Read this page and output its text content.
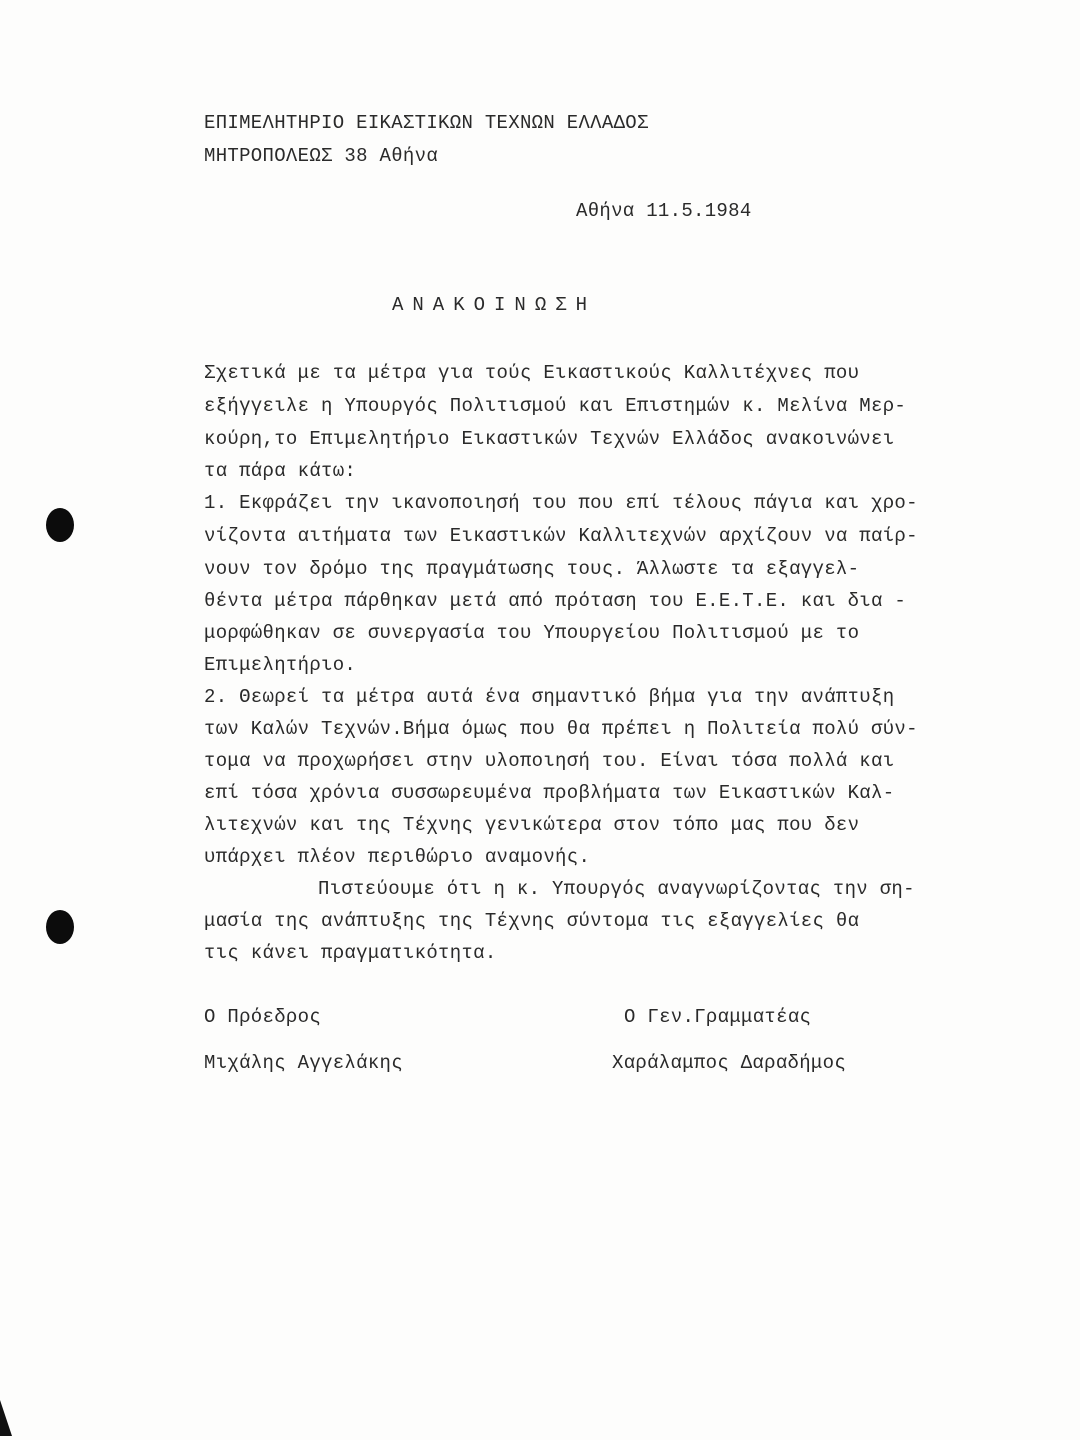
ΕΠΙΜΕΛΗΤΗΡΙΟ ΕΙΚΑΣΤΙΚΩΝ ΤΕΧΝΩΝ ΕΛΛΑΔΟΣ
ΜΗΤΡΟΠΟΛΕΩΣ 38 Αθήνα
Αθήνα 11.5.1984
ΑΝΑΚΟΙΝΩΣΗ
Σχετικά με τα μέτρα για τούς Εικαστικούς Καλλιτέχνες που
εξήγγειλε η Υπουργός Πολιτισμού και Επιστημών κ. Μελίνα Μερ-
κούρη,το Επιμελητήριο Εικαστικών Τεχνών Ελλάδος ανακοινώνει
τα πάρα κάτω:
1. Εκφράζει την ικανοποιησή του που επί τέλους πάγια και χρο-
νίζοντα αιτήματα των Εικαστικών Καλλιτεχνών αρχίζουν να παίρ-
νουν τον δρόμο της πραγμάτωσης τους. Άλλωστε τα εξαγγελ-
θέντα μέτρα πάρθηκαν μετά από πρόταση του Ε.Ε.Τ.Ε. και δια -
μορφώθηκαν σε συνεργασία του Υπουργείου Πολιτισμού με το
Επιμελητήριο.
2. Θεωρεί τα μέτρα αυτά ένα σημαντικό βήμα για την ανάπτυξη
των Καλών Τεχνών.Βήμα όμως που θα πρέπει η Πολιτεία πολύ σύν-
τομα να προχωρήσει στην υλοποιησή του. Είναι τόσα πολλά και
επί τόσα χρόνια συσσωρευμένα προβλήματα των Εικαστικών Καλ-
λιτεχνών και της Τέχνης γενικώτερα στον τόπο μας που δεν
υπάρχει πλέον περιθώριο αναμονής.
Πιστεύουμε ότι η κ. Υπουργός αναγνωρίζοντας την ση-
μασία της ανάπτυξης της Τέχνης σύντομα τις εξαγγελίες θα
τις κάνει πραγματικότητα.
Ο Πρόεδρος
Μιχάλης Αγγελάκης
Ο Γεν.Γραμματέας
Χαράλαμπος Δαραδήμος
